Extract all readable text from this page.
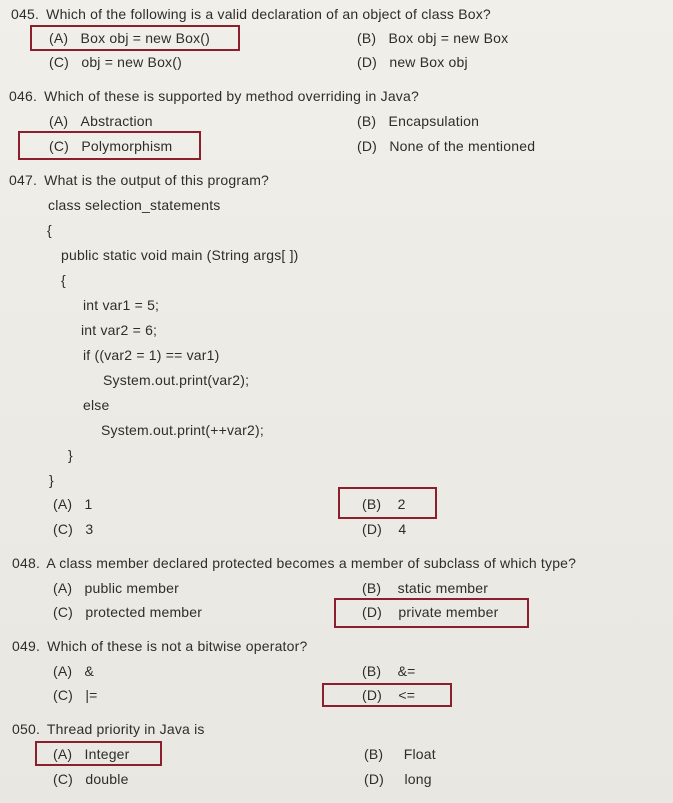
045. Which of the following is a valid declaration of an object of class Box?
(A) Box obj = new Box()	(B) Box obj = new Box
(C) obj = new Box()	(D) new Box obj
046. Which of these is supported by method overriding in Java?
(A) Abstraction	(B) Encapsulation
(C) Polymorphism	(D) None of the mentioned
047. What is the output of this program?
class selection_statements
{
public static void main (String args[ ])
{
int var1 = 5;
int var2 = 6;
if ((var2 = 1) == var1)
System.out.print(var2);
else
System.out.print(++var2);
}
}
(A) 1	(B) 2
(C) 3	(D) 4
048. A class member declared protected becomes a member of subclass of which type?
(A) public member	(B) static member
(C) protected member	(D) private member
049. Which of these is not a bitwise operator?
(A) &	(B) &=
(C) |=	(D) <=
050. Thread priority in Java is
(A) Integer	(B) Float
(C) double	(D) long
